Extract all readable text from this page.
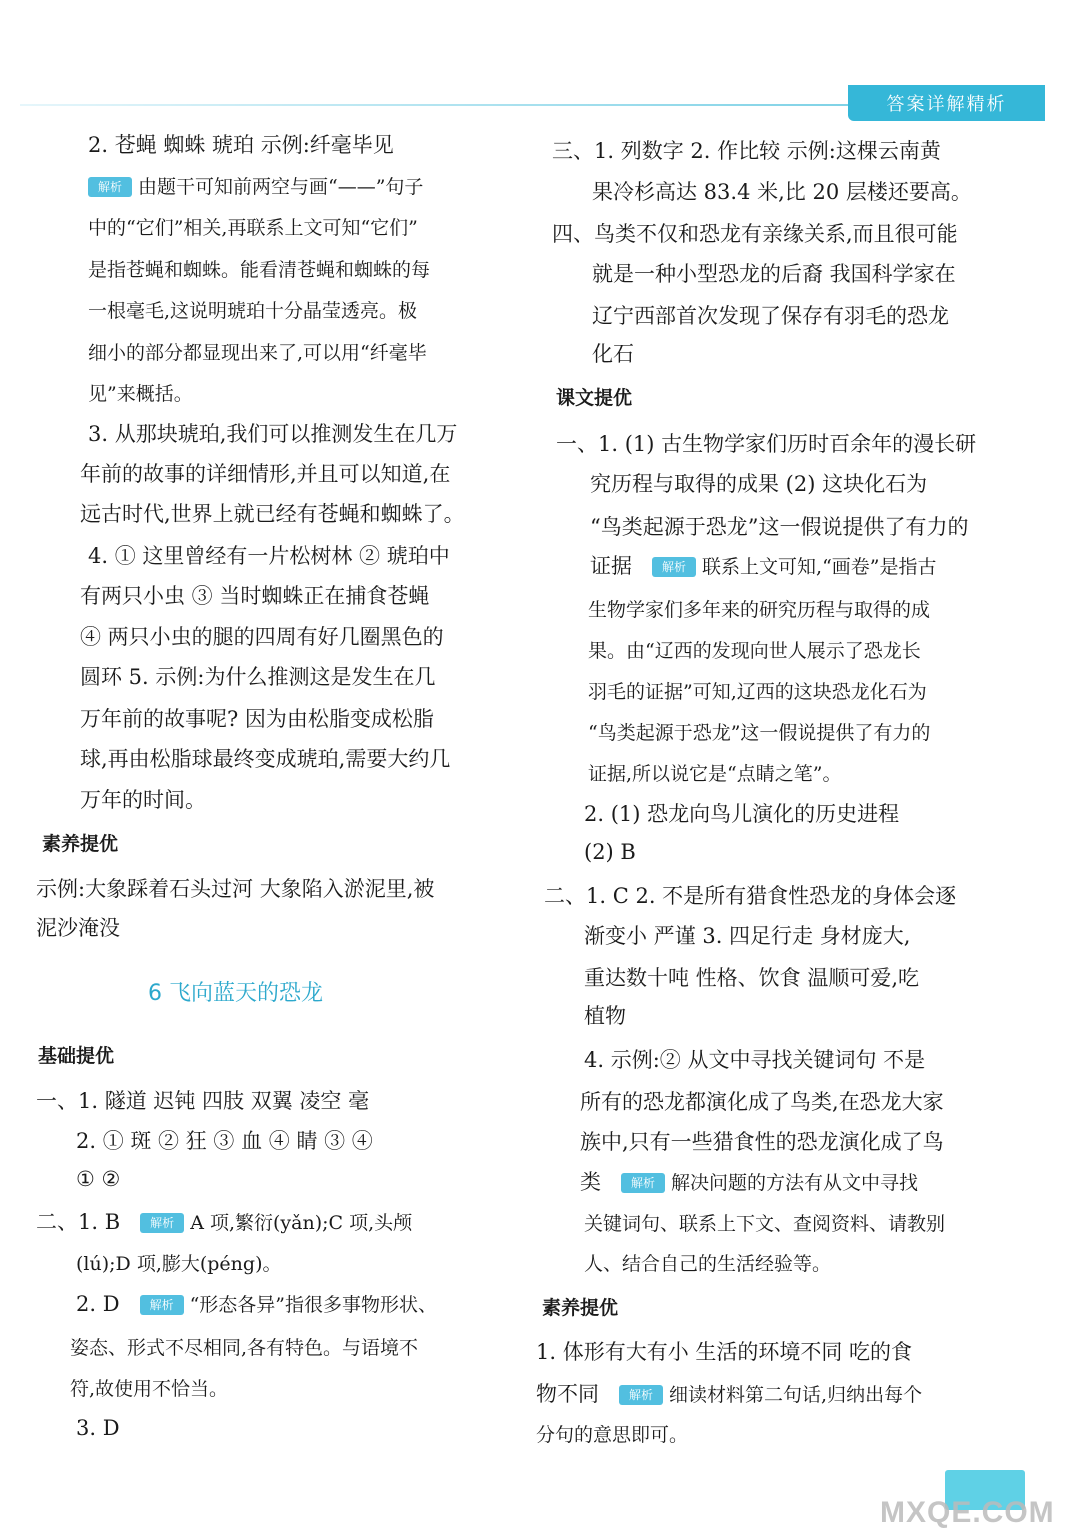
答案详解精析
2. 苍蝇 蜘蛛 琥珀 示例:纤毫毕见
解析 由题干可知前两空与画“——”句子
中的“它们”相关,再联系上文可知“它们”
是指苍蝇和蜘蛛。能看清苍蝇和蜘蛛的每
一根毫毛,这说明琥珀十分晶莹透亮。极
细小的部分都显现出来了,可以用“纤毫毕
见”来概括。
3. 从那块琥珀,我们可以推测发生在几万
年前的故事的详细情形,并且可以知道,在
远古时代,世界上就已经有苍蝇和蜘蛛了。
4. ① 这里曾经有一片松树林 ② 琥珀中
有两只小虫 ③ 当时蜘蛛正在捕食苍蝇
④ 两只小虫的腿的四周有好几圈黑色的
圆环 5. 示例:为什么推测这是发生在几
万年前的故事呢? 因为由松脂变成松脂
球,再由松脂球最终变成琥珀,需要大约几
万年的时间。
素养提优
示例:大象踩着石头过河 大象陷入淤泥里,被
泥沙淹没
6 飞向蓝天的恐龙
基础提优
一、1. 隧道 迟钝 四肢 双翼 凌空 毫
2. ① 斑 ② 狂 ③ 血 ④ 睛 ③ ④
① ②
二、1. B	解析 A 项,繁衍(yǎn);C 项,头颅
(lú);D 项,膨大(péng)。
2. D	解析 “形态各异”指很多事物形状、
姿态、形式不尽相同,各有特色。与语境不
符,故使用不恰当。
3. D
三、1. 列数字 2. 作比较 示例:这棵云南黄
果冷杉高达 83.4 米,比 20 层楼还要高。
四、鸟类不仅和恐龙有亲缘关系,而且很可能
就是一种小型恐龙的后裔 我国科学家在
辽宁西部首次发现了保存有羽毛的恐龙
化石
课文提优
一、1. (1) 古生物学家们历时百余年的漫长研
究历程与取得的成果 (2) 这块化石为
“鸟类起源于恐龙”这一假说提供了有力的
证据	解析 联系上文可知,“画卷”是指古
生物学家们多年来的研究历程与取得的成
果。由“辽西的发现向世人展示了恐龙长
羽毛的证据”可知,辽西的这块恐龙化石为
“鸟类起源于恐龙”这一假说提供了有力的
证据,所以说它是“点睛之笔”。
2. (1) 恐龙向鸟儿演化的历史进程
(2) B
二、1. C 2. 不是所有猎食性恐龙的身体会逐
渐变小 严谨 3. 四足行走 身材庞大,
重达数十吨 性格、饮食 温顺可爱,吃
植物
4. 示例:② 从文中寻找关键词句 不是
所有的恐龙都演化成了鸟类,在恐龙大家
族中,只有一些猎食性的恐龙演化成了鸟
类	解析 解决问题的方法有从文中寻找
关键词句、联系上下文、查阅资料、请教别
人、结合自己的生活经验等。
素养提优
1. 体形有大有小 生活的环境不同 吃的食
物不同	解析 细读材料第二句话,归纳出每个
分句的意思即可。
MXQE.COM
